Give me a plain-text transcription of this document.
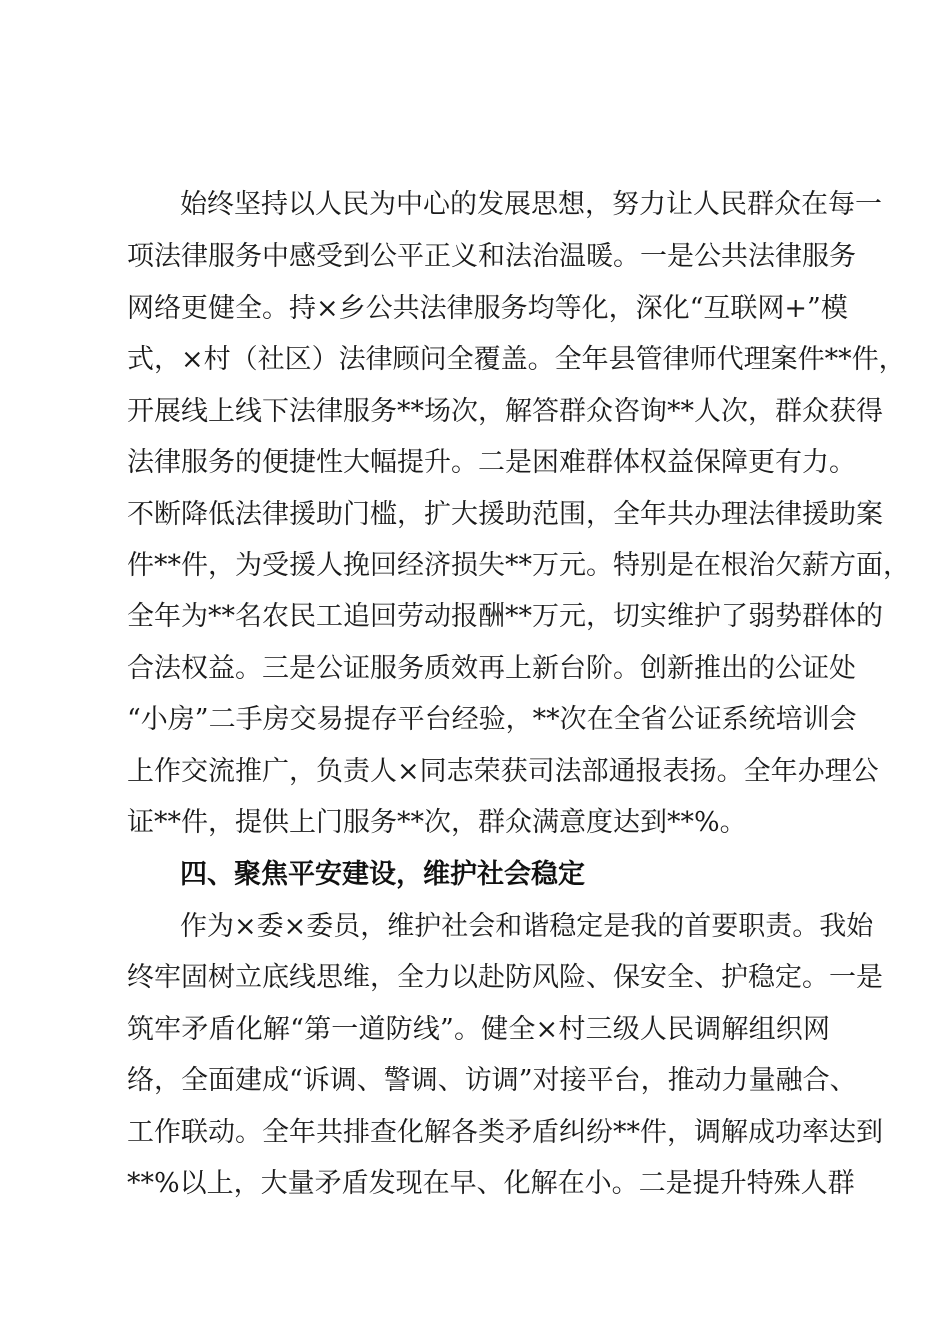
始终坚持以人民为中心的发展思想，努力让人民群众在每一
项法律服务中感受到公平正义和法治温暖。一是公共法律服务
网络更健全。持×乡公共法律服务均等化，深化“互联网+”模
式，×村（社区）法律顾问全覆盖。全年县管律师代理案件**件，
开展线上线下法律服务**场次，解答群众咨询**人次，群众获得
法律服务的便捷性大幅提升。二是困难群体权益保障更有力。
不断降低法律援助门槛，扩大援助范围，全年共办理法律援助案
件**件，为受援人挽回经济损失**万元。特别是在根治欠薪方面，
全年为**名农民工追回劳动报酬**万元，切实维护了弱势群体的
合法权益。三是公证服务质效再上新台阶。创新推出的公证处
“小房”二手房交易提存平台经验，**次在全省公证系统培训会
上作交流推广，负责人×同志荣获司法部通报表扬。全年办理公
证**件，提供上门服务**次，群众满意度达到**%。
四、聚焦平安建设，维护社会稳定
作为×委×委员，维护社会和谐稳定是我的首要职责。我始
终牢固树立底线思维，全力以赴防风险、保安全、护稳定。一是
筑牢矛盾化解“第一道防线”。健全×村三级人民调解组织网
络，全面建成“诉调、警调、访调”对接平台，推动力量融合、
工作联动。全年共排查化解各类矛盾纠纷**件，调解成功率达到
**%以上，大量矛盾发现在早、化解在小。二是提升特殊人群
